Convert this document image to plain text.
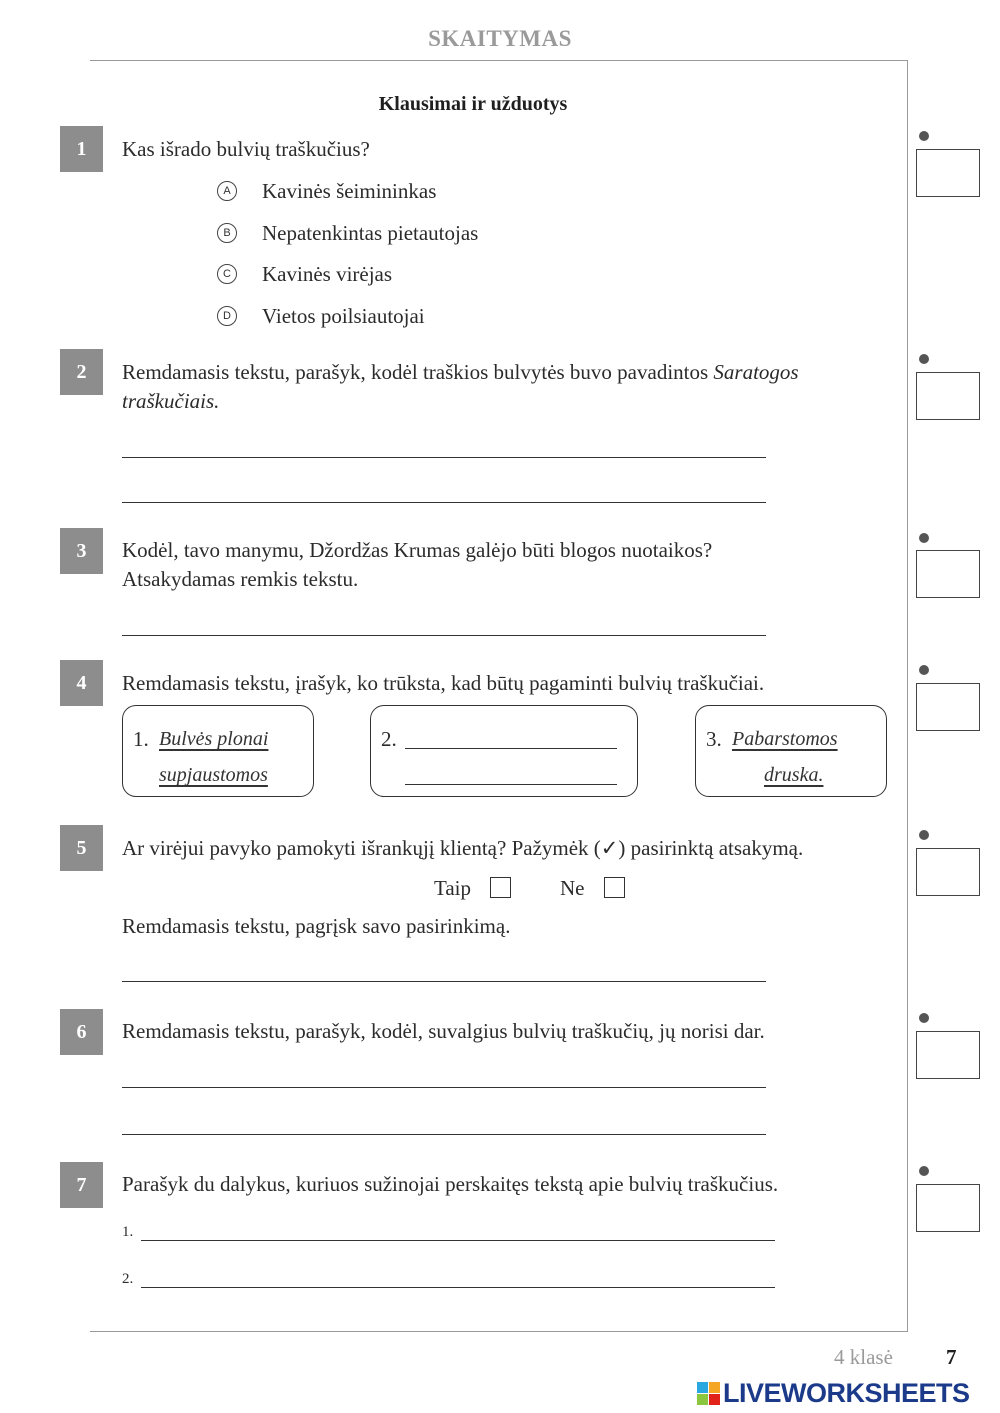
SKAITYMAS
Klausimai ir užduotys
1	Kas išrado bulvių traškučius?
A	Kavinės šeimininkas
B	Nepatenkintas pietautojas
C Kavinės virėjas
D Vietos poilsiautojai
2	Remdamasis tekstu, parašyk, kodėl traškios bulvytės buvo pavadintos Saratogos traškučiais.
3	Kodėl, tavo manymu, Džordžas Krumas galėjo būti blogos nuotaikos?
Atsakydamas remkis tekstu.
4	Remdamasis tekstu, įrašyk, ko trūksta, kad būtų pagaminti bulvių traškučiai.
1. Bulvės plonai
supjaustomos
2.	3. Pabarstomos
druska.
5	Ar virėjui pavyko pamokyti išrankųjį klientą? Pažymėk (✓) pasirinktą atsakymą.
Taip	Ne
Remdamasis tekstu, pagrįsk savo pasirinkimą.
6	Remdamasis tekstu, parašyk, kodėl, suvalgius bulvių traškučių, jų norisi dar.
7	Parašyk du dalykus, kuriuos sužinojai perskaitęs tekstą apie bulvių traškučius.
1.
2.
4 klasė	7
LIVEWORKSHEETS
